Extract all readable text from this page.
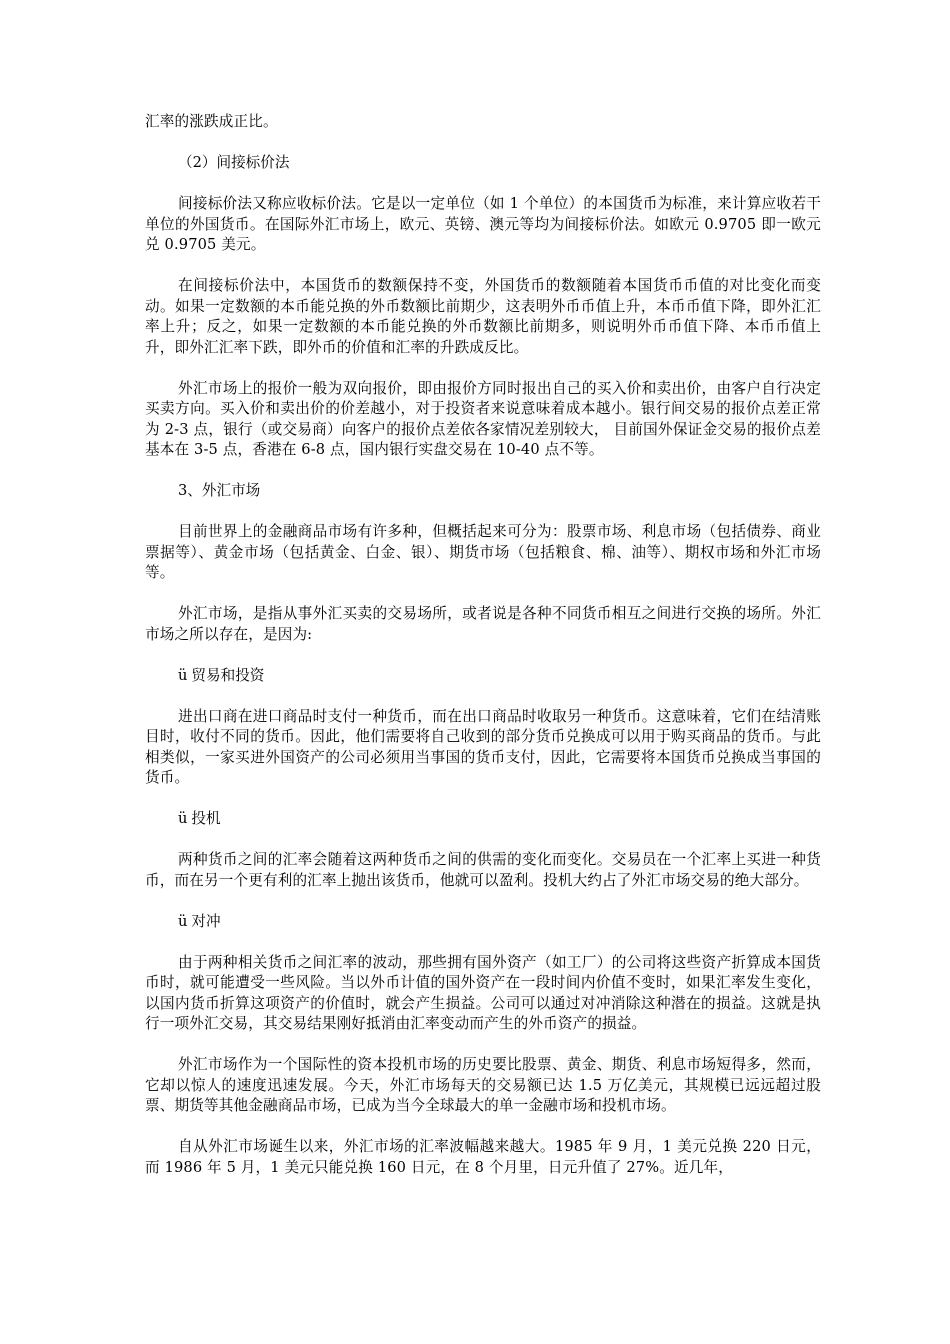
汇率的涨跌成正比。

（2）间接标价法

间接标价法又称应收标价法。它是以一定单位（如 1 个单位）的本国货币为标准，来计算应收若干单位的外国货币。在国际外汇市场上，欧元、英镑、澳元等均为间接标价法。如欧元 0.9705 即一欧元兑 0.9705 美元。

在间接标价法中，本国货币的数额保持不变，外国货币的数额随着本国货币币值的对比变化而变动。如果一定数额的本币能兑换的外币数额比前期少，这表明外币币值上升，本币币值下降，即外汇汇率上升；反之，如果一定数额的本币能兑换的外币数额比前期多，则说明外币币值下降、本币币值上升，即外汇汇率下跌，即外币的价值和汇率的升跌成反比。

外汇市场上的报价一般为双向报价，即由报价方同时报出自己的买入价和卖出价，由客户自行决定买卖方向。买入价和卖出价的价差越小，对于投资者来说意味着成本越小。银行间交易的报价点差正常为 2-3 点，银行（或交易商）向客户的报价点差依各家情况差别较大， 目前国外保证金交易的报价点差基本在 3-5 点，香港在 6-8 点，国内银行实盘交易在 10-40 点不等。

3、外汇市场

目前世界上的金融商品市场有许多种，但概括起来可分为：股票市场、利息市场（包括债券、商业票据等）、黄金市场（包括黄金、白金、银）、期货市场（包括粮食、棉、油等）、期权市场和外汇市场等。

外汇市场，是指从事外汇买卖的交易场所，或者说是各种不同货币相互之间进行交换的场所。外汇市场之所以存在，是因为:

ü 贸易和投资

进出口商在进口商品时支付一种货币，而在出口商品时收取另一种货币。这意味着，它们在结清账目时，收付不同的货币。因此，他们需要将自己收到的部分货币兑换成可以用于购买商品的货币。与此相类似，一家买进外国资产的公司必须用当事国的货币支付，因此，它需要将本国货币兑换成当事国的货币。

ü 投机

两种货币之间的汇率会随着这两种货币之间的供需的变化而变化。交易员在一个汇率上买进一种货币，而在另一个更有利的汇率上抛出该货币，他就可以盈利。投机大约占了外汇市场交易的绝大部分。

ü 对冲

由于两种相关货币之间汇率的波动，那些拥有国外资产（如工厂）的公司将这些资产折算成本国货币时，就可能遭受一些风险。当以外币计值的国外资产在一段时间内价值不变时，如果汇率发生变化，以国内货币折算这项资产的价值时，就会产生损益。公司可以通过对冲消除这种潜在的损益。这就是执行一项外汇交易，其交易结果刚好抵消由汇率变动而产生的外币资产的损益。

外汇市场作为一个国际性的资本投机市场的历史要比股票、黄金、期货、利息市场短得多，然而，它却以惊人的速度迅速发展。今天，外汇市场每天的交易额已达 1.5 万亿美元，其规模已远远超过股票、期货等其他金融商品市场，已成为当今全球最大的单一金融市场和投机市场。

自从外汇市场诞生以来，外汇市场的汇率波幅越来越大。1985 年 9 月，1 美元兑换 220 日元，而 1986 年 5 月，1 美元只能兑换 160 日元，在 8 个月里，日元升值了 27%。近几年，
